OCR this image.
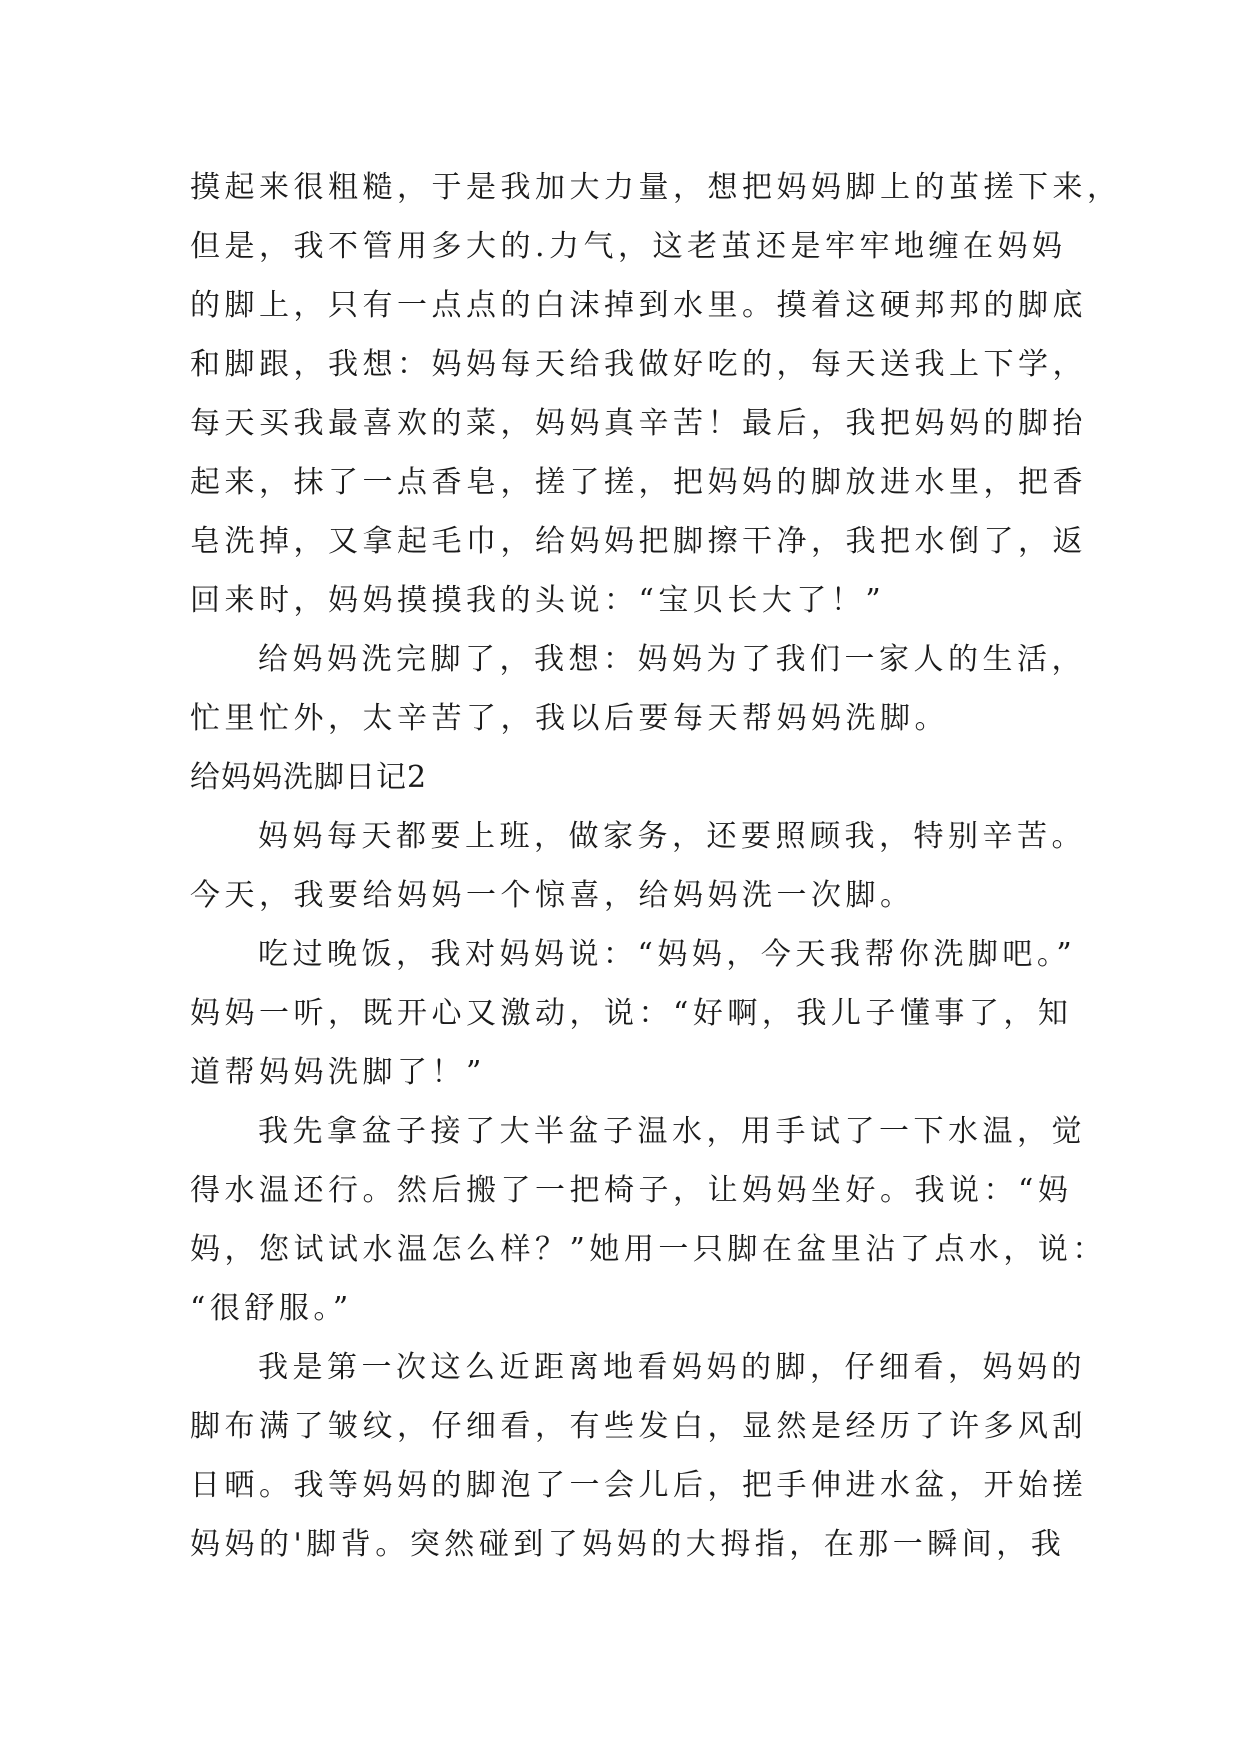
摸起来很粗糙，于是我加大力量，想把妈妈脚上的茧搓下来，
但是，我不管用多大的.力气，这老茧还是牢牢地缠在妈妈
的脚上，只有一点点的白沫掉到水里。摸着这硬邦邦的脚底
和脚跟，我想：妈妈每天给我做好吃的，每天送我上下学，
每天买我最喜欢的菜，妈妈真辛苦！最后，我把妈妈的脚抬
起来，抹了一点香皂，搓了搓，把妈妈的脚放进水里，把香
皂洗掉，又拿起毛巾，给妈妈把脚擦干净，我把水倒了，返
回来时，妈妈摸摸我的头说：“宝贝长大了！”
给妈妈洗完脚了，我想：妈妈为了我们一家人的生活，
忙里忙外，太辛苦了，我以后要每天帮妈妈洗脚。
给妈妈洗脚日记2
妈妈每天都要上班，做家务，还要照顾我，特别辛苦。
今天，我要给妈妈一个惊喜，给妈妈洗一次脚。
吃过晚饭，我对妈妈说：“妈妈，今天我帮你洗脚吧。”
妈妈一听，既开心又激动，说：“好啊，我儿子懂事了，知
道帮妈妈洗脚了！”
我先拿盆子接了大半盆子温水，用手试了一下水温，觉
得水温还行。然后搬了一把椅子，让妈妈坐好。我说：“妈
妈，您试试水温怎么样？”她用一只脚在盆里沾了点水，说：
“很舒服。”
我是第一次这么近距离地看妈妈的脚，仔细看，妈妈的
脚布满了皱纹，仔细看，有些发白，显然是经历了许多风刮
日晒。我等妈妈的脚泡了一会儿后，把手伸进水盆，开始搓
妈妈的'脚背。突然碰到了妈妈的大拇指，在那一瞬间，我
